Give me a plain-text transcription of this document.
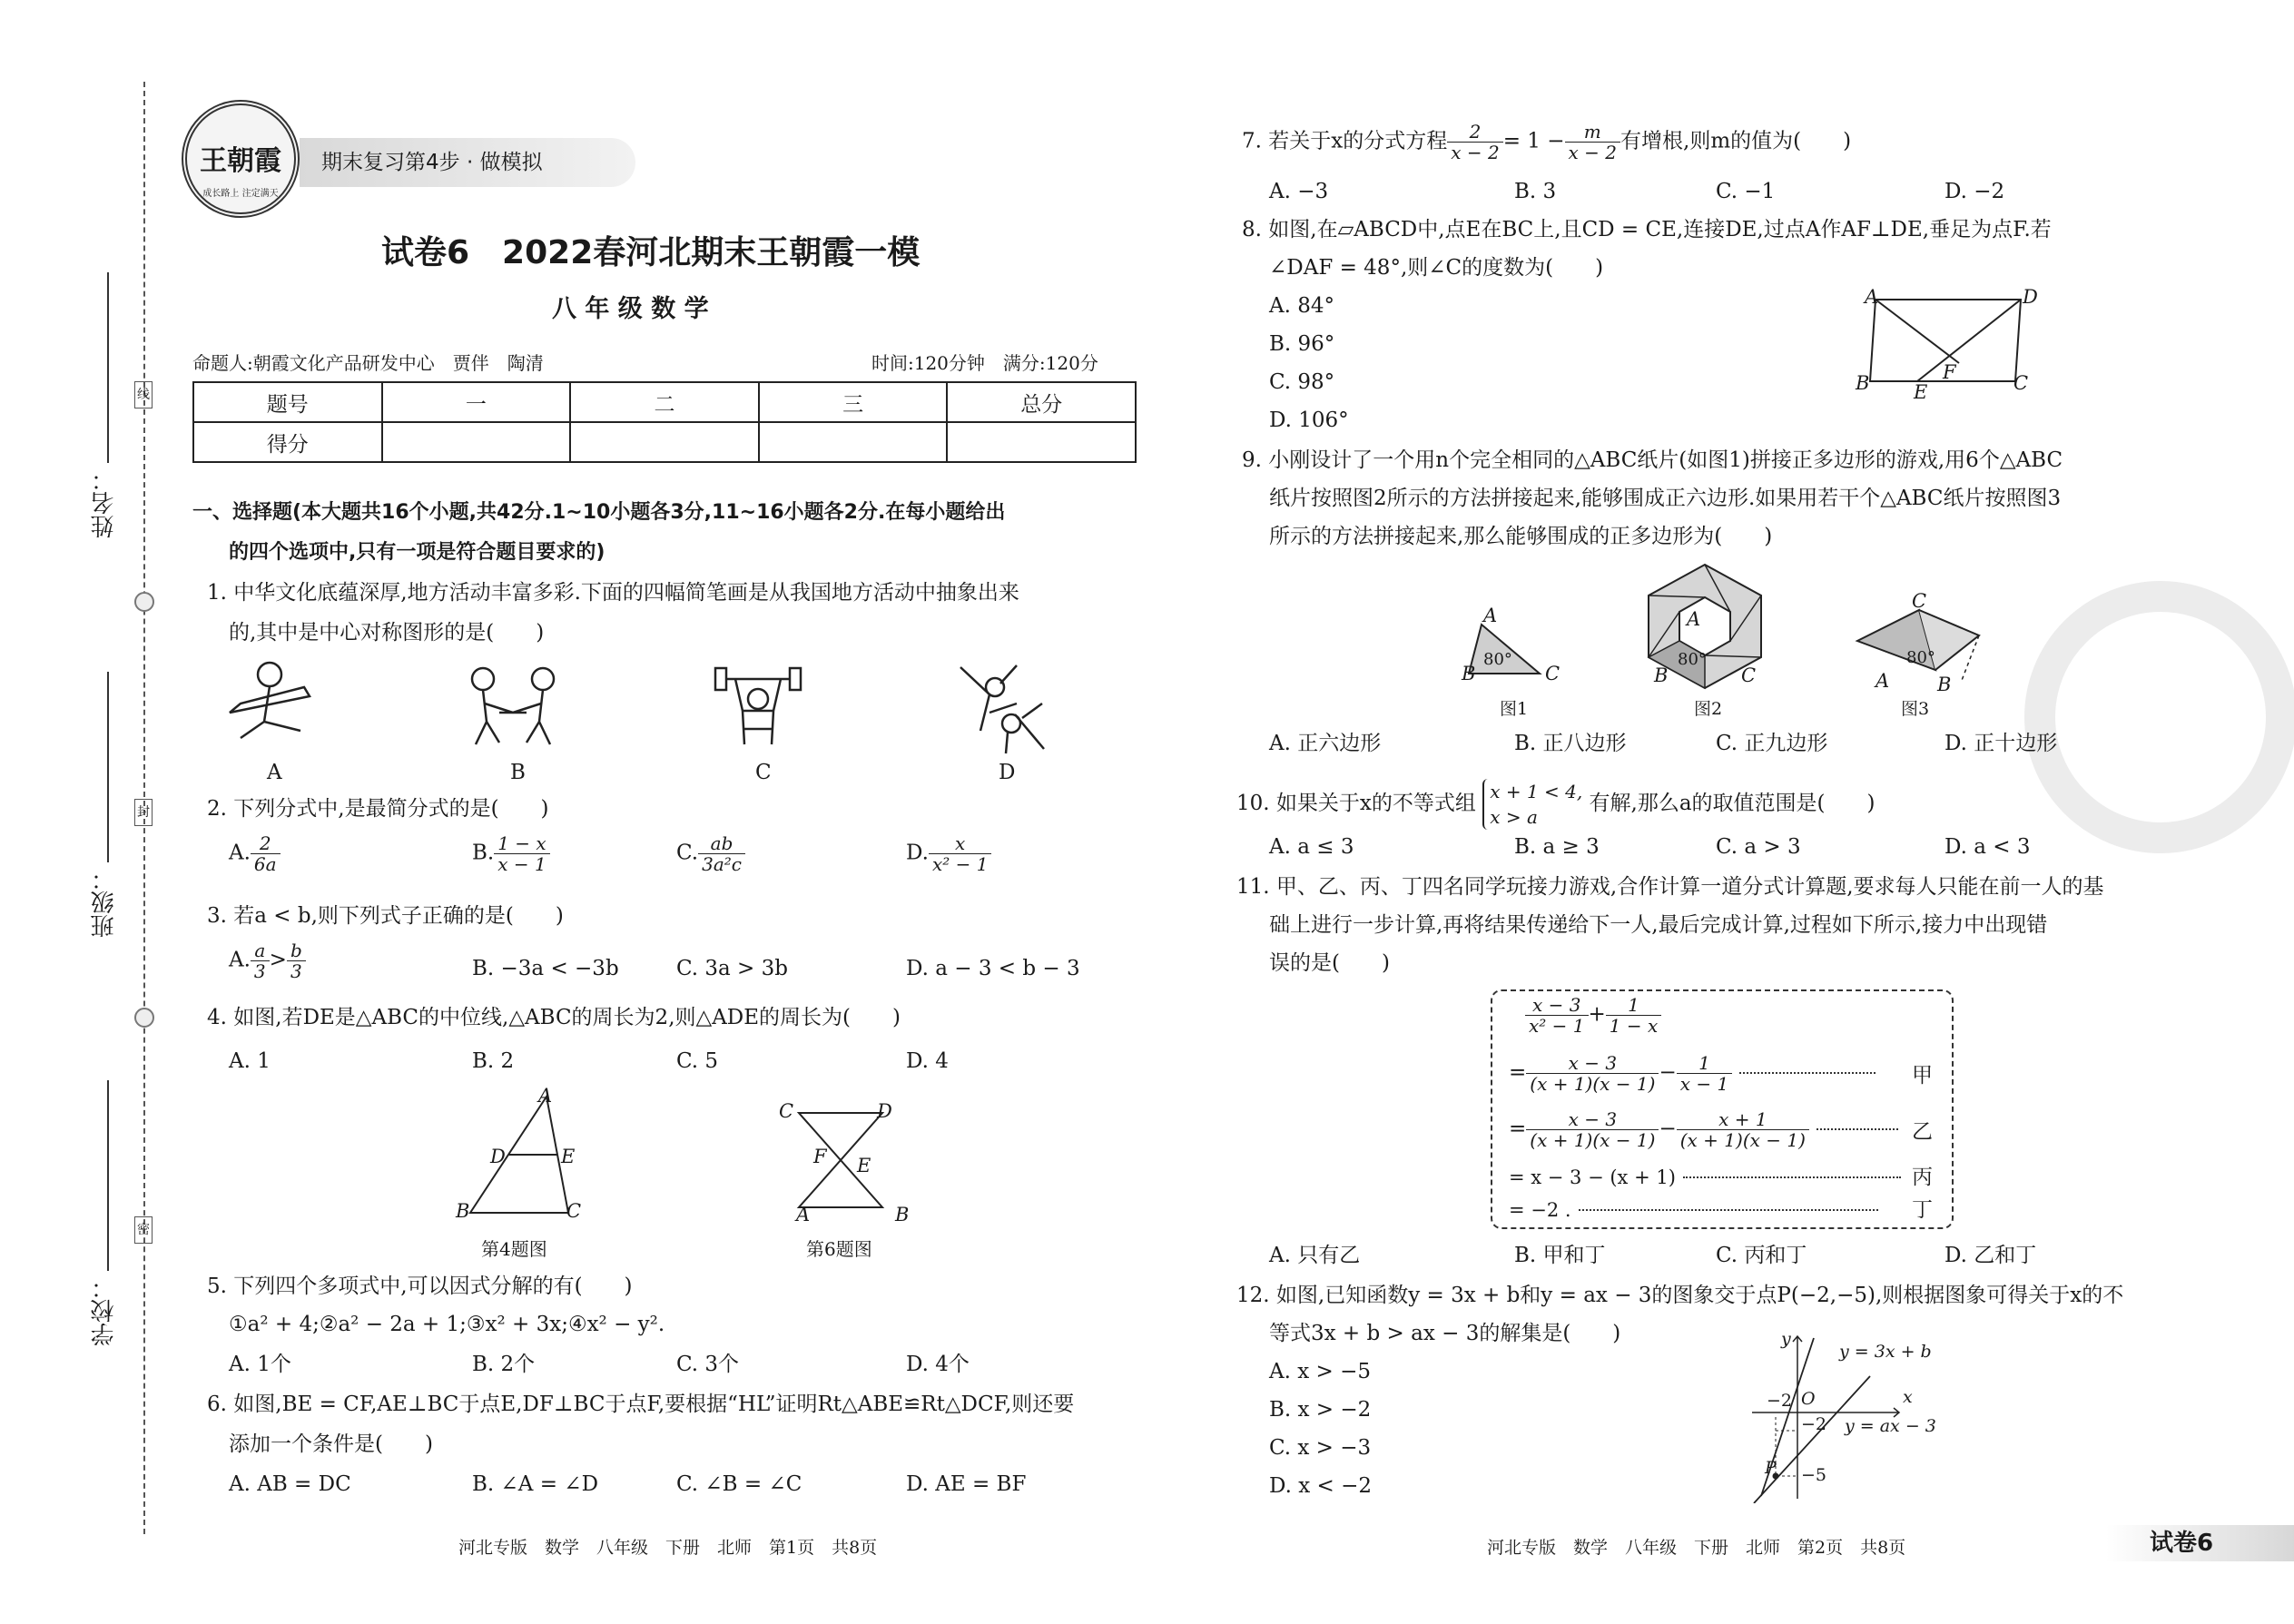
姓名：
班级：
学校：
线
封
密
王朝霞
成长路上 注定满天
期末复习第4步 · 做模拟
试卷6　2022春河北期末王朝霞一模
八 年 级 数 学
命题人:朝霞文化产品研发中心　贾伴　陶清	时间:120分钟　满分:120分
题号	一	二	三	总分
得分				
一、选择题(本大题共16个小题,共42分.1~10小题各3分,11~16小题各2分.在每小题给出
的四个选项中,只有一项是符合题目要求的)
1. 中华文化底蕴深厚,地方活动丰富多彩.下面的四幅简笔画是从我国地方活动中抽象出来
的,其中是中心对称图形的是(　　)
A	B	C	D
2. 下列分式中,是最简分式的是(　　)
A. $\frac{2}{6a}$	B. $\frac{1 - x}{x - 1}$	C. $\frac{ab}{\text{3a²c}}$	D. $\frac{x}{\text{x² − 1}}$
3. 若a < b,则下列式子正确的是(　　)
A. $\frac{a}{3} > \frac{b}{3}$	B. −3a < −3b	C. 3a > 3b	D. a − 3 < b − 3
4. 如图,若DE是△ABC的中位线,△ABC的周长为2,则△ADE的周长为(　　)
A. 1	B. 2	C. 5	D. 4
A
D	E
B	C
第4题图
C	D
F E
A	B
第6题图
5. 下列四个多项式中,可以因式分解的有(　　)
①a² + 4;②a² − 2a + 1;③x² + 3x;④x² − y².
A. 1个	B. 2个	C. 3个	D. 4个
6. 如图,BE = CF,AE⊥BC于点E,DF⊥BC于点F,要根据“HL”证明Rt△ABE≌Rt△DCF,则还要
添加一个条件是(　　)
A. AB = DC	B. ∠A = ∠D	C. ∠B = ∠C	D. AE = BF
河北专版　数学　八年级　下册　北师　第1页　共8页
7. 若关于x的分式方程 $\frac{2}{x - 2} = 1 - \frac{m}{x - 2}$ 有增根,则m的值为(　　)
A. −3	B. 3	C. −1	D. −2
8. 如图,在▱ABCD中,点E在BC上,且CD = CE,连接DE,过点A作AF⊥DE,垂足为点F.若
∠DAF = 48°,则∠C的度数为(　　)
A. 84°
B. 96°
C. 98°
D. 106°
A	D
B E
F	C
9. 小刚设计了一个用n个完全相同的△ABC纸片(如图1)拼接正多边形的游戏,用6个△ABC
纸片按照图2所示的方法拼接起来,能够围成正六边形.如果用若干个△ABC纸片按照图3
所示的方法拼接起来,那么能够围成的正多边形为(　　)
A
B	C
80°
图1
A
B	C
80°
图2
C
A	B
80°
图3
A. 正六边形	B. 正八边形	C. 正九边形	D. 正十边形
10. 如果关于x的不等式组 x + 1 < 4,
x > a
有解,那么a的取值范围是(　　)
A. a ≤ 3	B. a ≥ 3	C. a > 3	D. a < 3
11. 甲、乙、丙、丁四名同学玩接力游戏,合作计算一道分式计算题,要求每人只能在前一人的基
础上进行一步计算,再将结果传递给下一人,最后完成计算,过程如下所示,接力中出现错
误的是(　　)
$\frac{x - 3}{\text{x² − 1}} + \frac{1}{1 - x}$
= $\frac{x - 3}{(x + 1)(x - 1)} - \frac{1}{x - 1}$	甲
= $\frac{x - 3}{(x + 1)(x - 1)} - \frac{x + 1}{(x + 1)(x - 1)}$	乙
= x − 3 − (x + 1)	丙
= −2 .	丁
A. 只有乙	B. 甲和丁	C. 丙和丁	D. 乙和丁
12. 如图,已知函数y = 3x + b和y = ax − 3的图象交于点P(−2,−5),则根据图象可得关于x的不
等式3x + b > ax − 3的解集是(　　)
A. x > −5
B. x > −2
C. x > −3
D. x < −2
y
x
O
y = 3x + b
y = ax − 3
−2
−2
−5
P
河北专版　数学　八年级　下册　北师　第2页　共8页	试卷6
